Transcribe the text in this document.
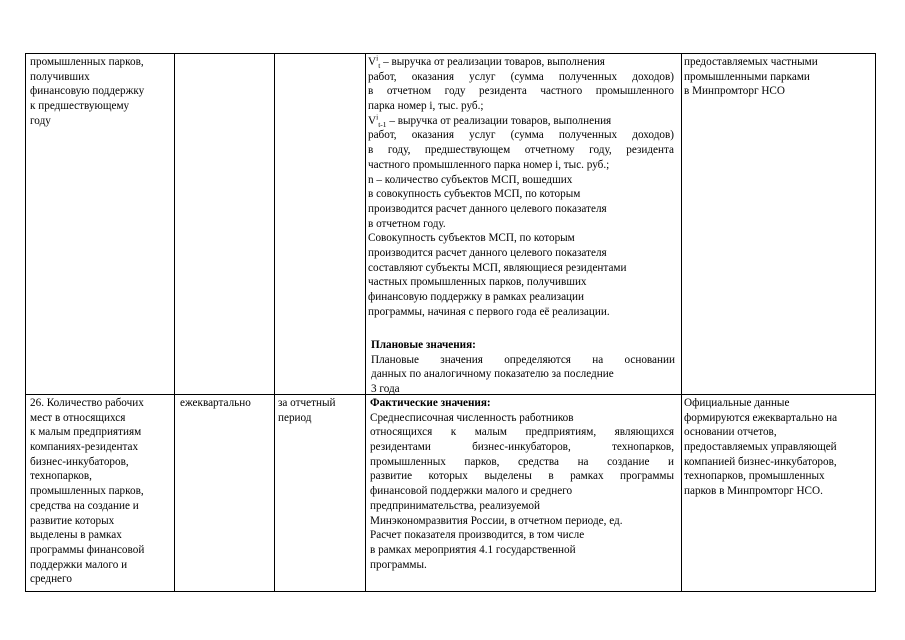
промышленных парков,
получивших
финансовую поддержку
к предшествующему
году
$V^i_t$ – выручка от реализации товаров, выполнения
работ, оказания услуг (сумма полученных доходов)
в отчетном году резидента частного промышленного
парка номер i, тыс. руб.;
$V^i_{t-1}$ – выручка от реализации товаров, выполнения
работ, оказания услуг (сумма полученных доходов)
в году, предшествующем отчетному году, резидента
частного промышленного парка номер i, тыс. руб.;
n – количество субъектов МСП, вошедших
в совокупность субъектов МСП, по которым
производится расчет данного целевого показателя
в отчетном году.
Совокупность субъектов МСП, по которым
производится расчет данного целевого показателя
составляют субъекты МСП, являющиеся резидентами
частных промышленных парков, получивших
финансовую поддержку в рамках реализации
программы, начиная с первого года её реализации.
Плановые значения:
Плановые значения определяются на основании
данных по аналогичному показателю за последние
3 года
предоставляемых частными
промышленными парками
в Минпромторг НСО
26. Количество рабочих
мест в относящихся
к малым предприятиям
компаниях-резидентах
бизнес-инкубаторов,
технопарков,
промышленных парков,
средства на создание и
развитие которых
выделены в рамках
программы финансовой
поддержки малого и
среднего
ежеквартально	за отчетный
период
Фактические значения:
Среднесписочная численность работников
относящихся к малым предприятиям, являющихся
резидентами бизнес-инкубаторов, технопарков,
промышленных парков, средства на создание и
развитие которых выделены в рамках программы
финансовой поддержки малого и среднего
предпринимательства, реализуемой
Минэкономразвития России, в отчетном периоде, ед.
Расчет показателя производится, в том числе
в рамках мероприятия 4.1 государственной
программы.
Официальные данные
формируются ежеквартально на
основании отчетов,
предоставляемых управляющей
компанией бизнес-инкубаторов,
технопарков, промышленных
парков в Минпромторг НСО.
